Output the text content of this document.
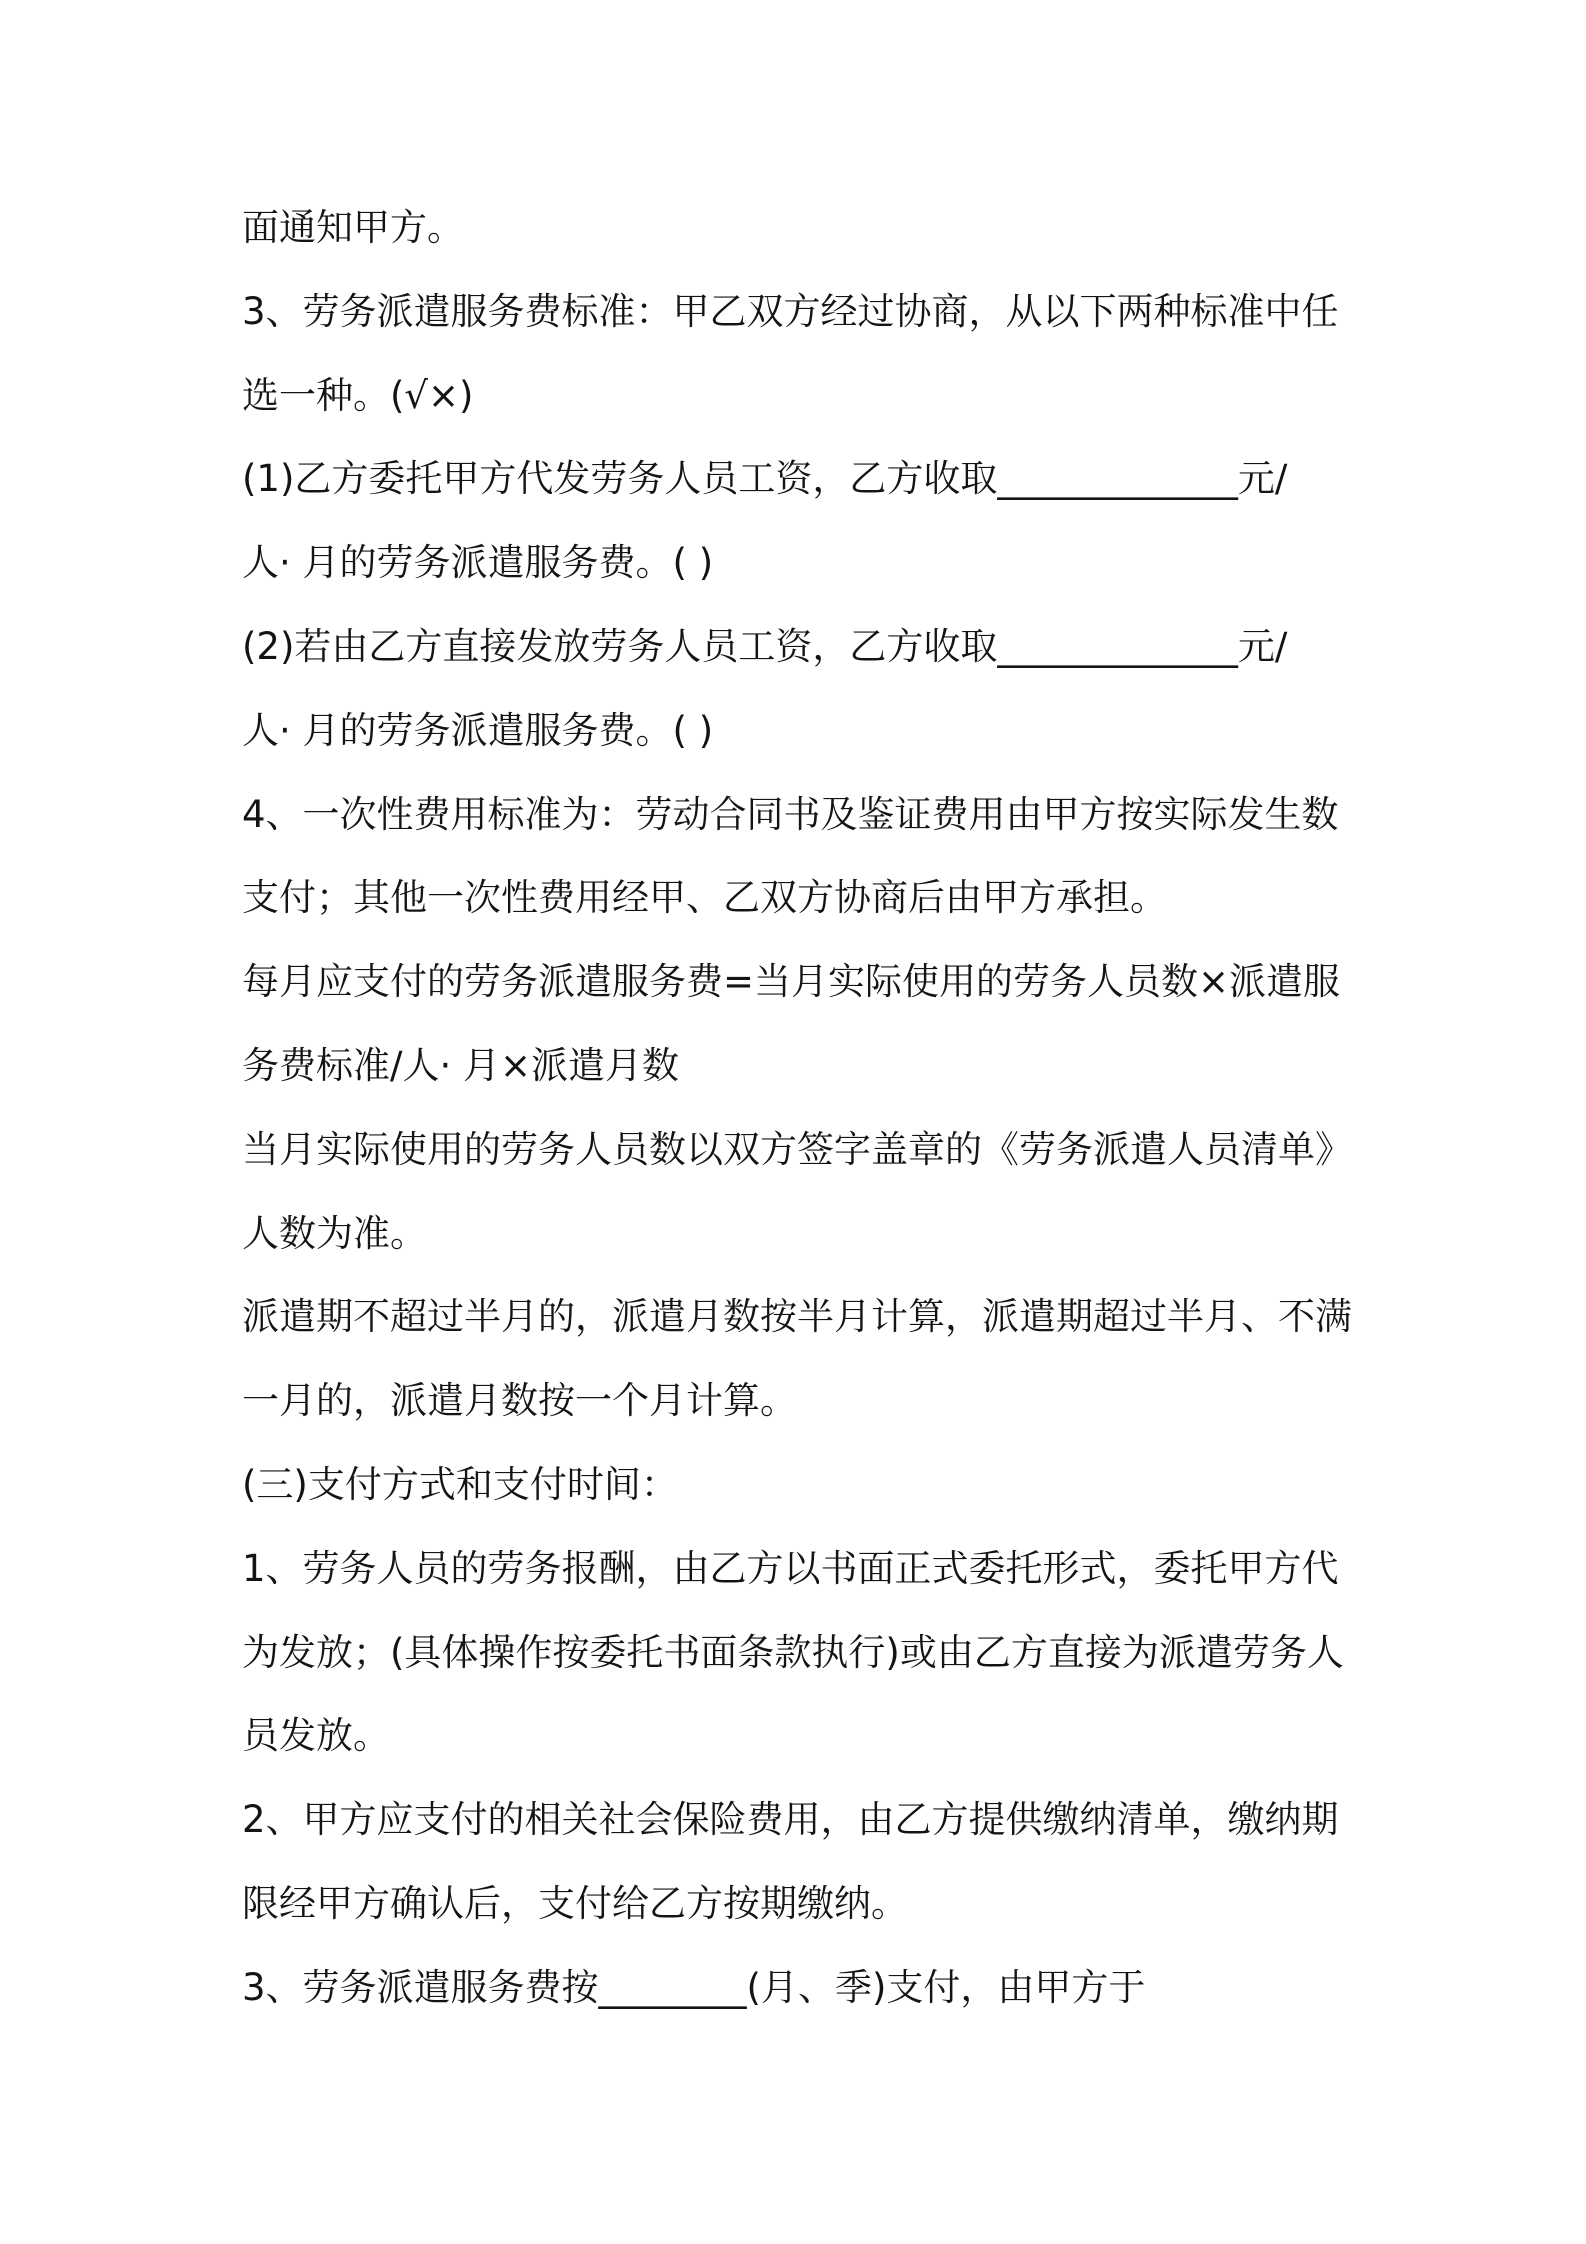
面通知甲方。
3、劳务派遣服务费标准：甲乙双方经过协商，从以下两种标准中任
选一种。(√×)
(1)乙方委托甲方代发劳务人员工资，乙方收取_____________元/
人· 月的劳务派遣服务费。( )
(2)若由乙方直接发放劳务人员工资，乙方收取_____________元/
人· 月的劳务派遣服务费。( )
4、一次性费用标准为：劳动合同书及鉴证费用由甲方按实际发生数
支付；其他一次性费用经甲、乙双方协商后由甲方承担。
每月应支付的劳务派遣服务费=当月实际使用的劳务人员数×派遣服
务费标准/人· 月×派遣月数
当月实际使用的劳务人员数以双方签字盖章的《劳务派遣人员清单》
人数为准。
派遣期不超过半月的，派遣月数按半月计算，派遣期超过半月、不满
一月的，派遣月数按一个月计算。
(三)支付方式和支付时间：
1、劳务人员的劳务报酬，由乙方以书面正式委托形式，委托甲方代
为发放；(具体操作按委托书面条款执行)或由乙方直接为派遣劳务人
员发放。
2、甲方应支付的相关社会保险费用，由乙方提供缴纳清单，缴纳期
限经甲方确认后，支付给乙方按期缴纳。
3、劳务派遣服务费按________(月、季)支付，由甲方于
